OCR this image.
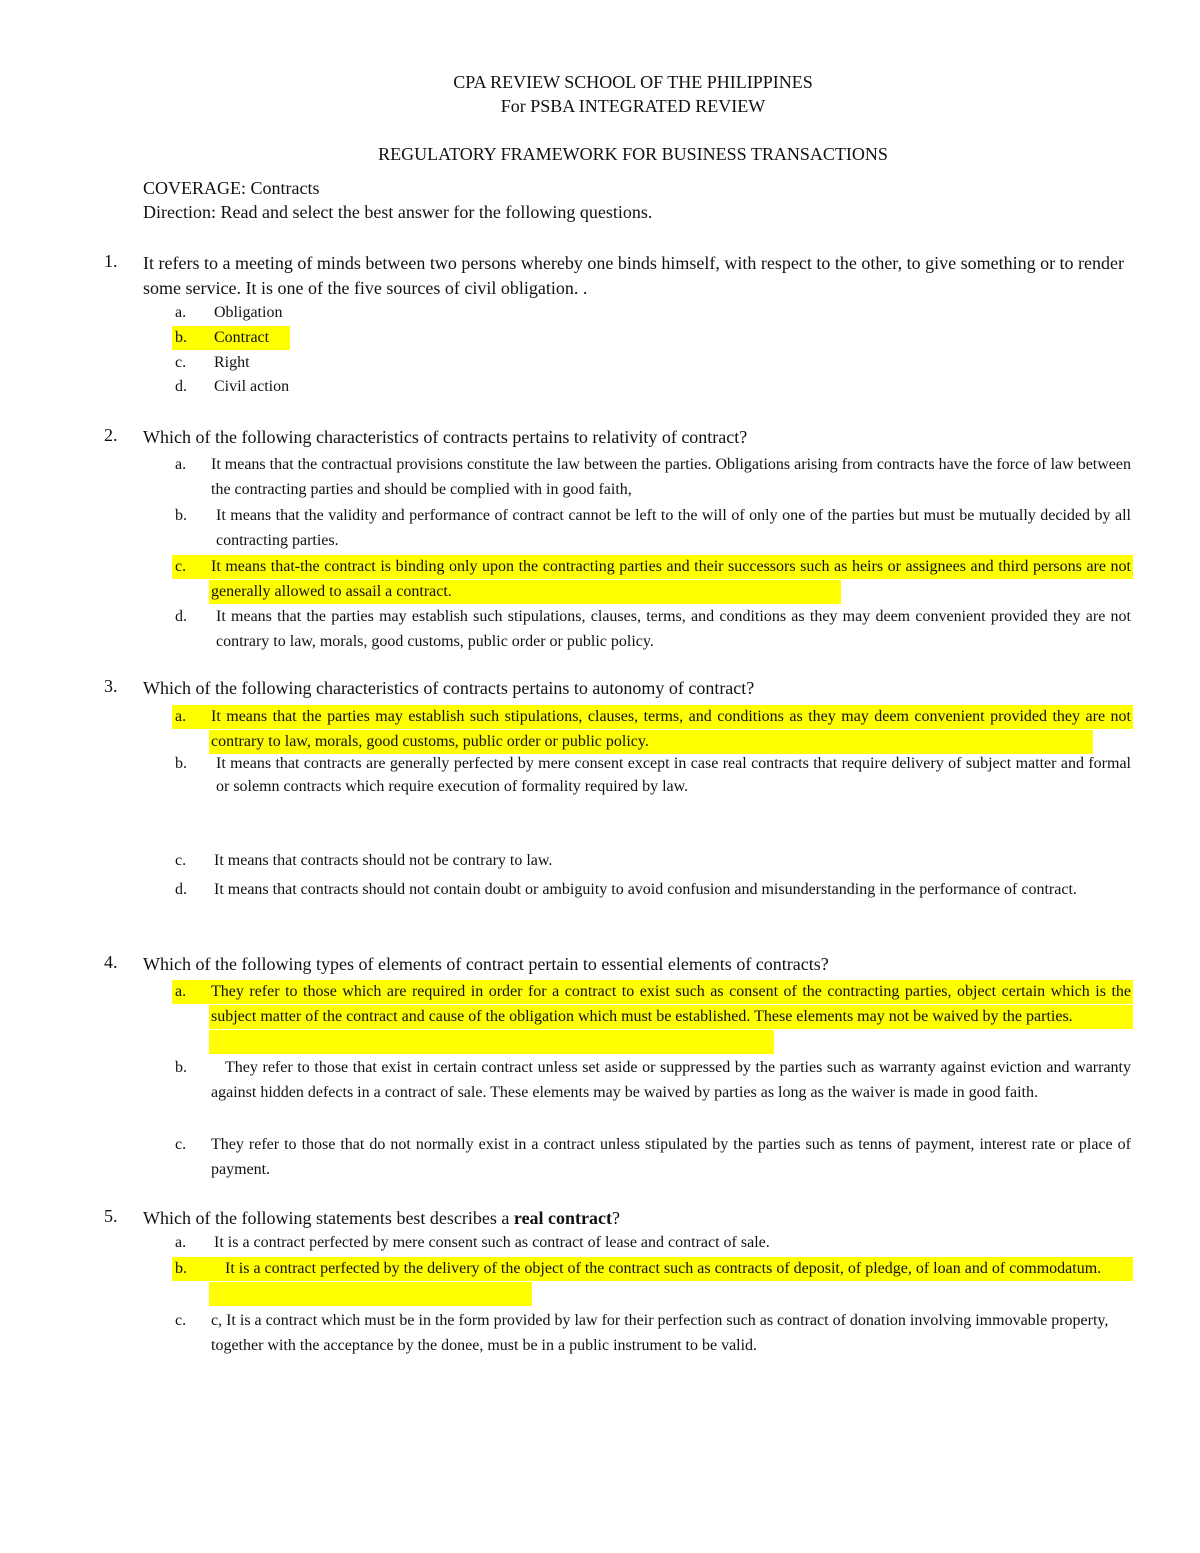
CPA REVIEW SCHOOL OF THE PHILIPPINES
For PSBA INTEGRATED REVIEW
REGULATORY FRAMEWORK FOR BUSINESS TRANSACTIONS
COVERAGE: Contracts
Direction: Read and select the best answer for the following questions.
1. It refers to a meeting of minds between two persons whereby one binds himself, with respect to the other, to give something or to render some service. It is one of the five sources of civil obligation. .
a. Obligation
b. Contract
c. Right
d. Civil action
2. Which of the following characteristics of contracts pertains to relativity of contract?
a. It means that the contractual provisions constitute the law between the parties. Obligations arising from contracts have the force of law between the contracting parties and should be complied with in good faith,
b. It means that the validity and performance of contract cannot be left to the will of only one of the parties but must be mutually decided by all contracting parties.
c. It means that-the contract is binding only upon the contracting parties and their successors such as heirs or assignees and third persons are not generally allowed to assail a contract.
d. It means that the parties may establish such stipulations, clauses, terms, and conditions as they may deem convenient provided they are not contrary to law, morals, good customs, public order or public policy.
3. Which of the following characteristics of contracts pertains to autonomy of contract?
a. It means that the parties may establish such stipulations, clauses, terms, and conditions as they may deem convenient provided they are not contrary to law, morals, good customs, public order or public policy.
b. It means that contracts are generally perfected by mere consent except in case real contracts that require delivery of subject matter and formal or solemn contracts which require execution of formality required by law.
c. It means that contracts should not be contrary to law.
d. It means that contracts should not contain doubt or ambiguity to avoid confusion and misunderstanding in the performance of contract.
4. Which of the following types of elements of contract pertain to essential elements of contracts?
a. They refer to those which are required in order for a contract to exist such as consent of the contracting parties, object certain which is the subject matter of the contract and cause of the obligation which must be established. These elements may not be waived by the parties.
b.	They refer to those that exist in certain contract unless set aside or suppressed by the parties such as warranty against eviction and warranty against hidden defects in a contract of sale. These elements may be waived by parties as long as the waiver is made in good faith.
c. They refer to those that do not normally exist in a contract unless stipulated by the parties such as tenns of payment, interest rate or place of payment.
5. Which of the following statements best describes a real contract?
a. It is a contract perfected by mere consent such as contract of lease and contract of sale.
b.	It is a contract perfected by the delivery of the object of the contract such as contracts of deposit, of pledge, of loan and of commodatum.
c. c, It is a contract which must be in the form provided by law for their perfection such as contract of donation involving immovable property, together with the acceptance by the donee, must be in a public instrument to be valid.
